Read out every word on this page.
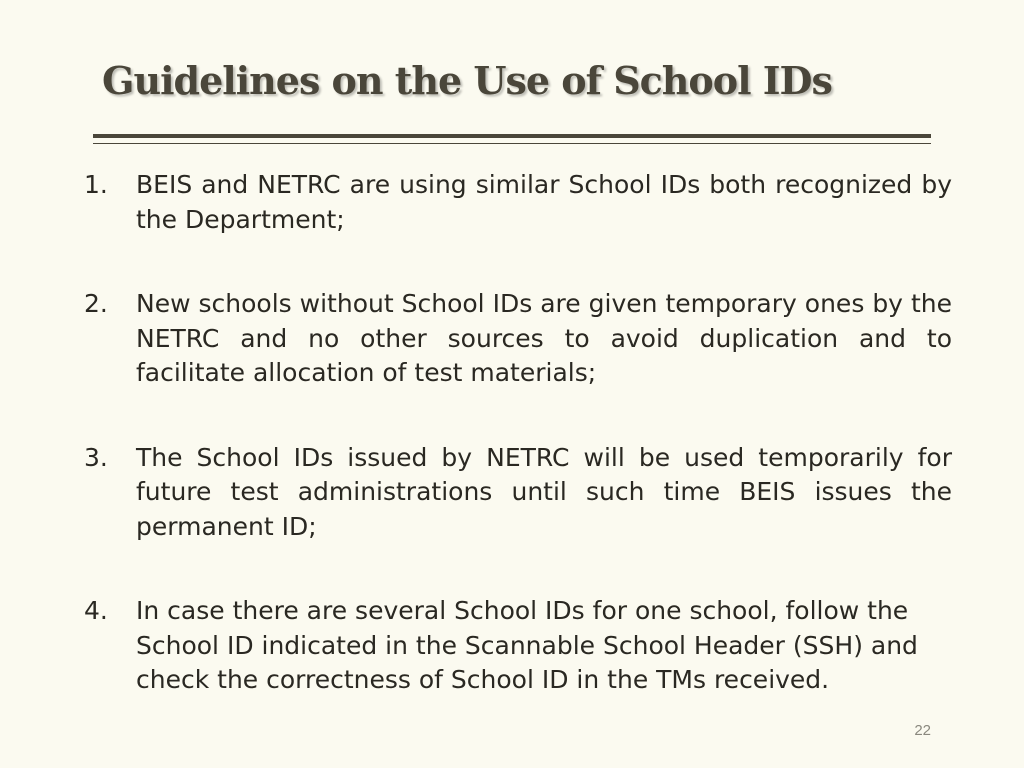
Guidelines on the Use of School IDs
1. BEIS and NETRC are using similar School IDs both recognized by the Department;
2. New schools without School IDs are given temporary ones by the NETRC and no other sources to avoid duplication and to facilitate allocation of test materials;
3. The School IDs issued by NETRC will be used temporarily for future test administrations until such time BEIS issues the permanent ID;
4. In case there are several School IDs for one school, follow the School ID indicated in the Scannable School Header (SSH) and check the correctness of School ID in the TMs received.
22
